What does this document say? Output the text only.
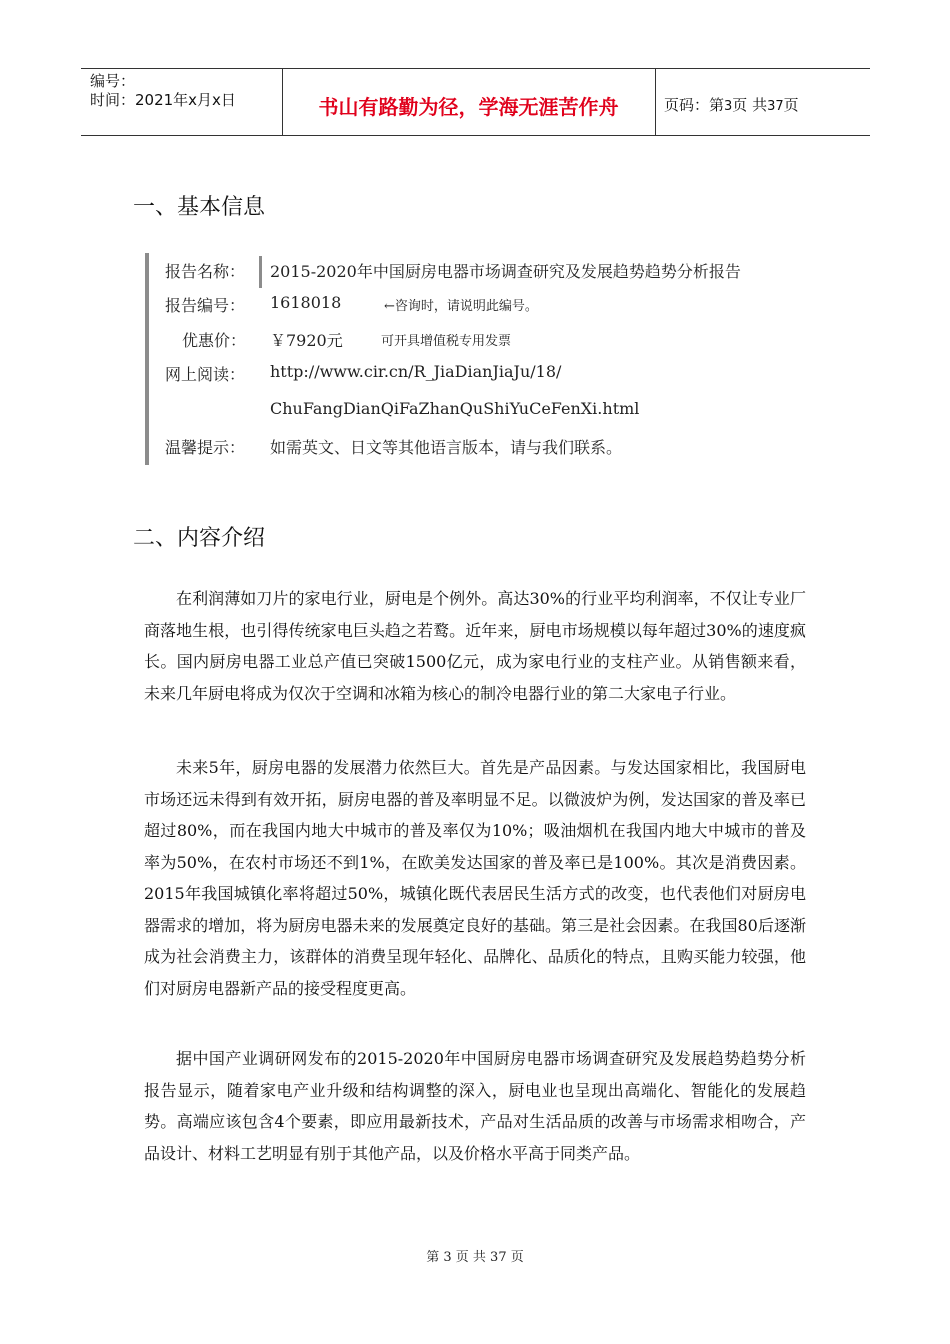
编号：
时间：2021年x月x日	书山有路勤为径，学海无涯苦作舟	页码：第3页 共37页
一、基本信息
报告名称： 2015-2020年中国厨房电器市场调查研究及发展趋势趋势分析报告
报告编号： 1618018	←咨询时，请说明此编号。
优惠价： ￥7920元	可开具增值税专用发票
网上阅读： http://www.cir.cn/R_JiaDianJiaJu/18/
ChuFangDianQiFaZhanQuShiYuCeFenXi.html
温馨提示： 如需英文、日文等其他语言版本，请与我们联系。
二、内容介绍

在利润薄如刀片的家电行业，厨电是个例外。高达30%的行业平均利润率，不仅让专业厂商落地生根，也引得传统家电巨头趋之若鹜。近年来，厨电市场规模以每年超过30%的速度疯长。国内厨房电器工业总产值已突破1500亿元，成为家电行业的支柱产业。从销售额来看，未来几年厨电将成为仅次于空调和冰箱为核心的制冷电器行业的第二大家电子行业。

未来5年，厨房电器的发展潜力依然巨大。首先是产品因素。与发达国家相比，我国厨电市场还远未得到有效开拓，厨房电器的普及率明显不足。以微波炉为例，发达国家的普及率已超过80%，而在我国内地大中城市的普及率仅为10%；吸油烟机在我国内地大中城市的普及率为50%，在农村市场还不到1%，在欧美发达国家的普及率已是100%。其次是消费因素。2015年我国城镇化率将超过50%，城镇化既代表居民生活方式的改变，也代表他们对厨房电器需求的增加，将为厨房电器未来的发展奠定良好的基础。第三是社会因素。在我国80后逐渐成为社会消费主力，该群体的消费呈现年轻化、品牌化、品质化的特点，且购买能力较强，他们对厨房电器新产品的接受程度更高。

据中国产业调研网发布的2015-2020年中国厨房电器市场调查研究及发展趋势趋势分析报告显示，随着家电产业升级和结构调整的深入，厨电业也呈现出高端化、智能化的发展趋势。高端应该包含4个要素，即应用最新技术，产品对生活品质的改善与市场需求相吻合，产品设计、材料工艺明显有别于其他产品，以及价格水平高于同类产品。

第 3 页 共 37 页
